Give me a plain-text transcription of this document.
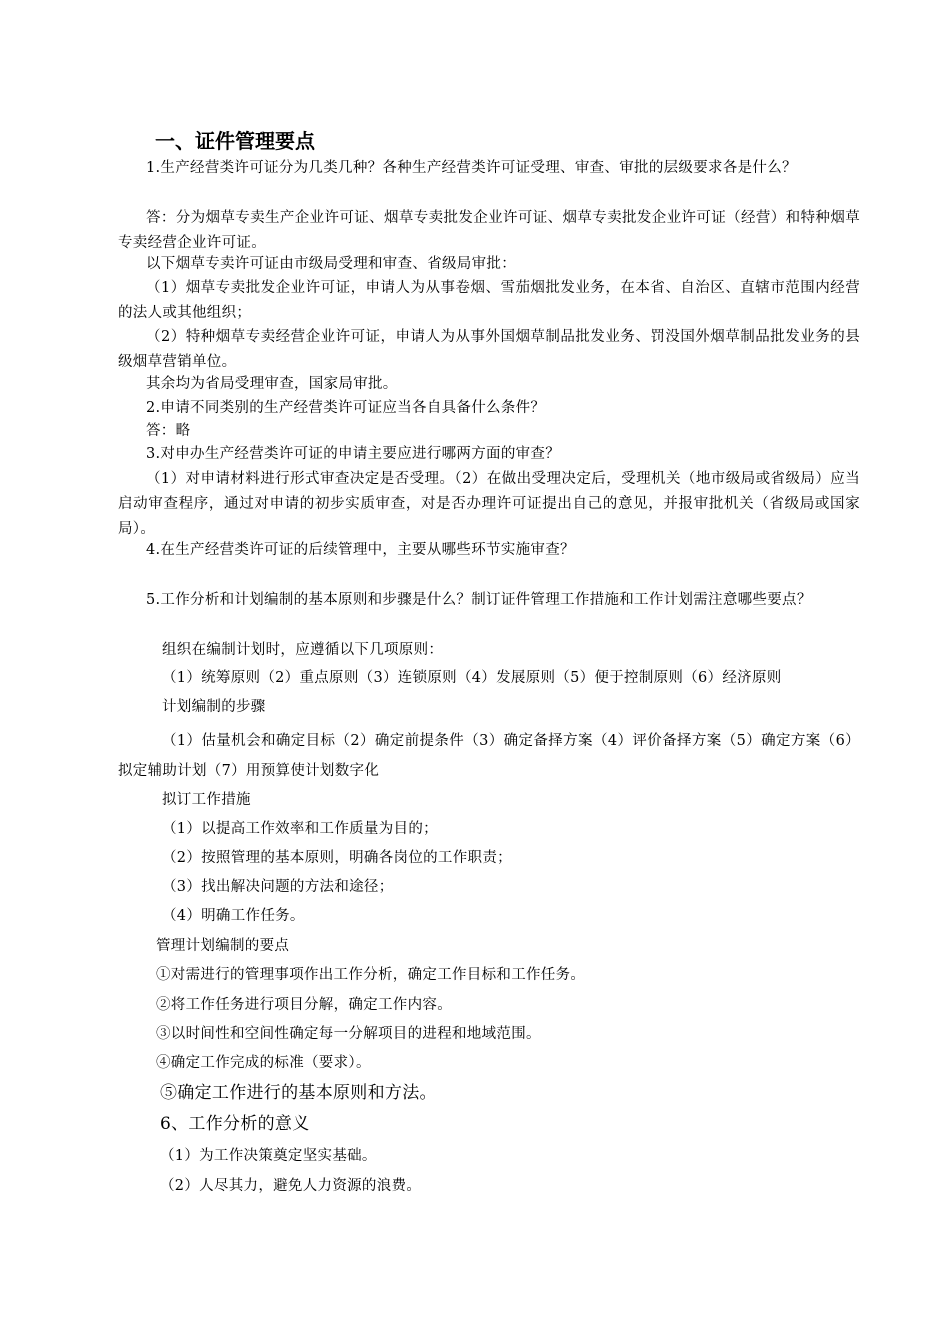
一、证件管理要点
1.生产经营类许可证分为几类几种？各种生产经营类许可证受理、审查、审批的层级要求各是什么？
答：分为烟草专卖生产企业许可证、烟草专卖批发企业许可证、烟草专卖批发企业许可证（经营）和特种烟草专卖经营企业许可证。
以下烟草专卖许可证由市级局受理和审查、省级局审批：
（1）烟草专卖批发企业许可证，申请人为从事卷烟、雪茄烟批发业务，在本省、自治区、直辖市范围内经营的法人或其他组织；
（2）特种烟草专卖经营企业许可证，申请人为从事外国烟草制品批发业务、罚没国外烟草制品批发业务的县级烟草营销单位。
其余均为省局受理审查，国家局审批。
2.申请不同类别的生产经营类许可证应当各自具备什么条件？
答：略
3.对申办生产经营类许可证的申请主要应进行哪两方面的审查？
（1）对申请材料进行形式审查决定是否受理。（2）在做出受理决定后，受理机关（地市级局或省级局）应当启动审查程序，通过对申请的初步实质审查，对是否办理许可证提出自己的意见，并报审批机关（省级局或国家局）。
4.在生产经营类许可证的后续管理中，主要从哪些环节实施审查？
5.工作分析和计划编制的基本原则和步骤是什么？制订证件管理工作措施和工作计划需注意哪些要点？
组织在编制计划时，应遵循以下几项原则：
（1）统筹原则（2）重点原则（3）连锁原则（4）发展原则（5）便于控制原则（6）经济原则
计划编制的步骤
（1）估量机会和确定目标（2）确定前提条件（3）确定备择方案（4）评价备择方案（5）确定方案（6）拟定辅助计划（7）用预算使计划数字化
拟订工作措施
（1）以提高工作效率和工作质量为目的；
（2）按照管理的基本原则，明确各岗位的工作职责；
（3）找出解决问题的方法和途径；
（4）明确工作任务。
管理计划编制的要点
①对需进行的管理事项作出工作分析，确定工作目标和工作任务。
②将工作任务进行项目分解，确定工作内容。
③以时间性和空间性确定每一分解项目的进程和地域范围。
④确定工作完成的标准（要求）。
⑤确定工作进行的基本原则和方法。
6、工作分析的意义
（1）为工作决策奠定坚实基础。
（2）人尽其力，避免人力资源的浪费。
